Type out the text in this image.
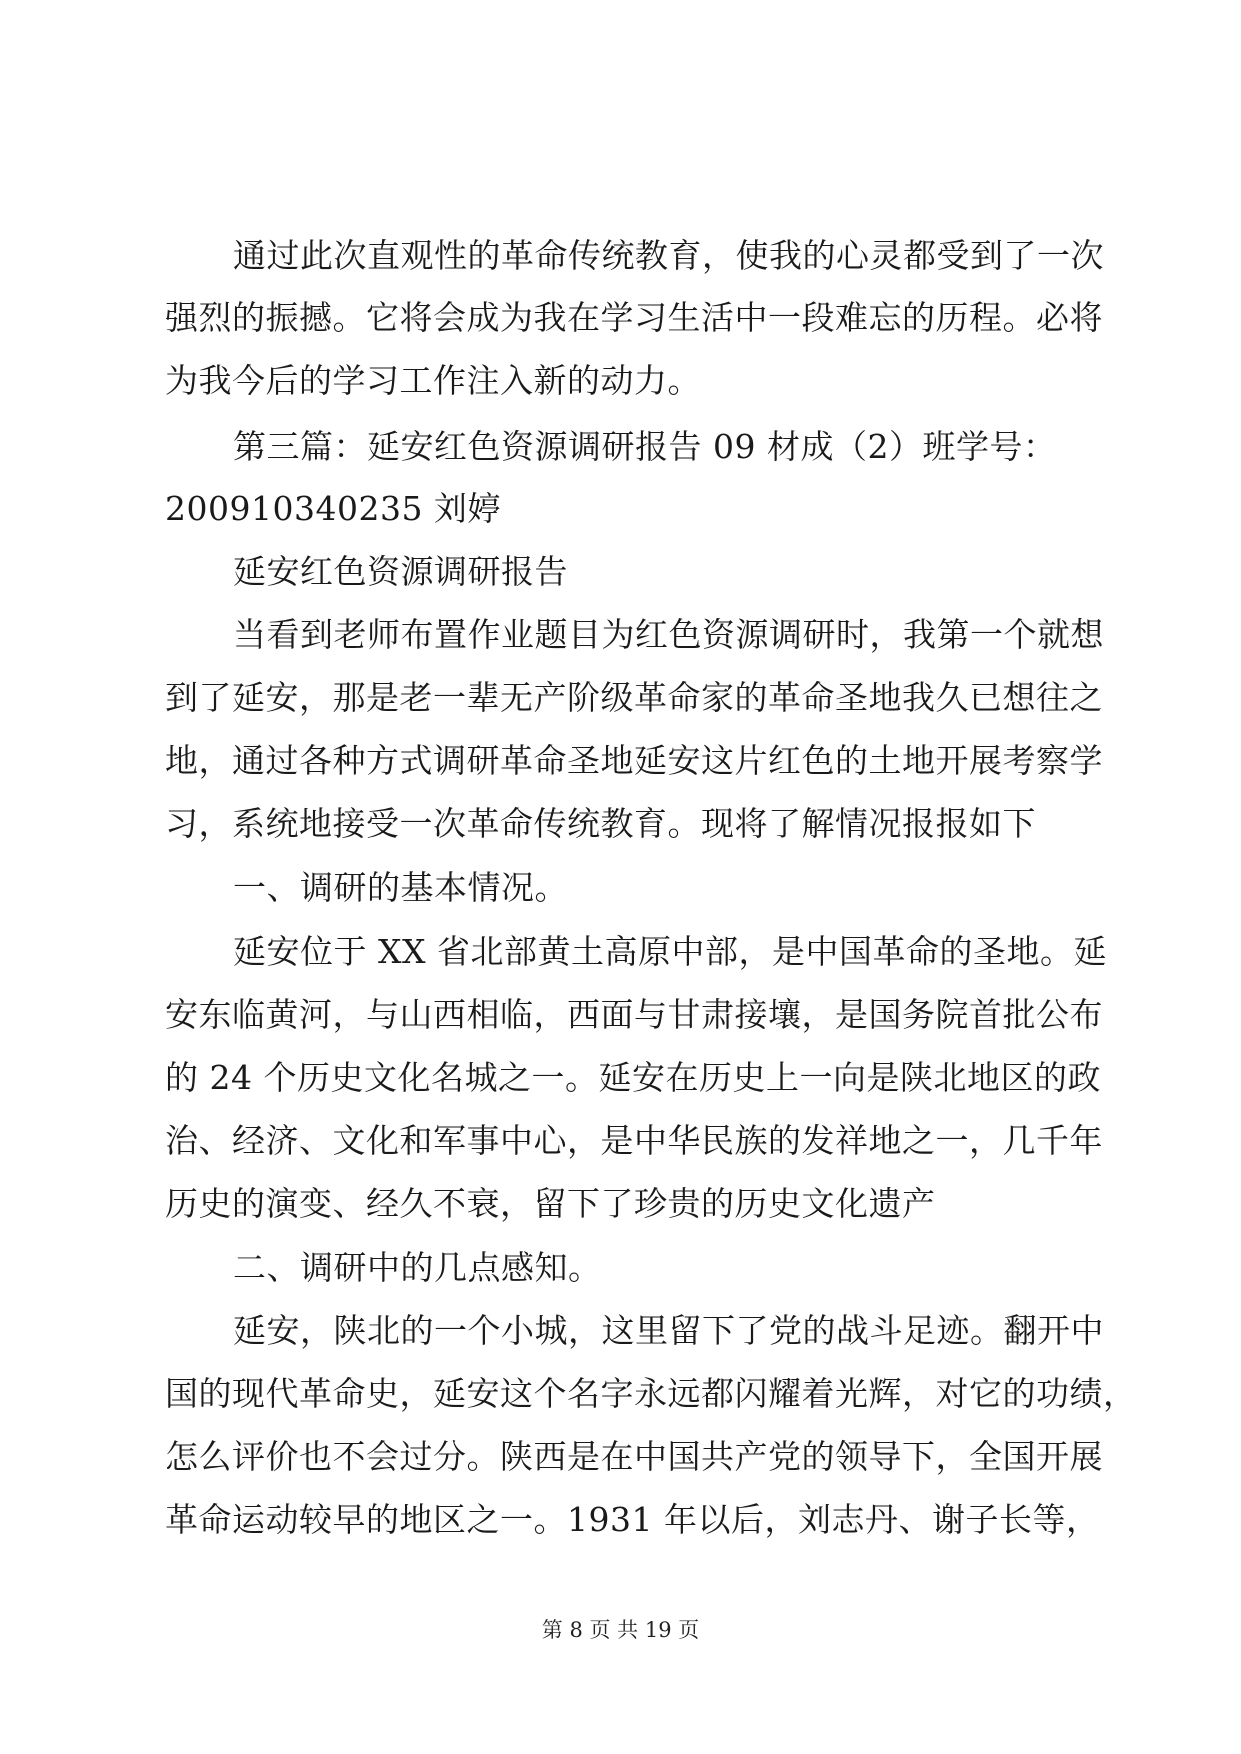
通过此次直观性的革命传统教育，使我的心灵都受到了一次
强烈的振撼。它将会成为我在学习生活中一段难忘的历程。必将
为我今后的学习工作注入新的动力。
第三篇：延安红色资源调研报告 09 材成（2）班学号：
200910340235 刘婷
延安红色资源调研报告
当看到老师布置作业题目为红色资源调研时，我第一个就想
到了延安，那是老一辈无产阶级革命家的革命圣地我久已想往之
地，通过各种方式调研革命圣地延安这片红色的土地开展考察学
习，系统地接受一次革命传统教育。现将了解情况报报如下
一、调研的基本情况。
延安位于 XX 省北部黄土高原中部，是中国革命的圣地。延
安东临黄河，与山西相临，西面与甘肃接壤，是国务院首批公布
的 24 个历史文化名城之一。延安在历史上一向是陕北地区的政
治、经济、文化和军事中心，是中华民族的发祥地之一，几千年
历史的演变、经久不衰，留下了珍贵的历史文化遗产
二、调研中的几点感知。
延安，陕北的一个小城，这里留下了党的战斗足迹。翻开中
国的现代革命史，延安这个名字永远都闪耀着光辉，对它的功绩，
怎么评价也不会过分。陕西是在中国共产党的领导下，全国开展
革命运动较早的地区之一。1931 年以后，刘志丹、谢子长等，
第 8 页 共 19 页
